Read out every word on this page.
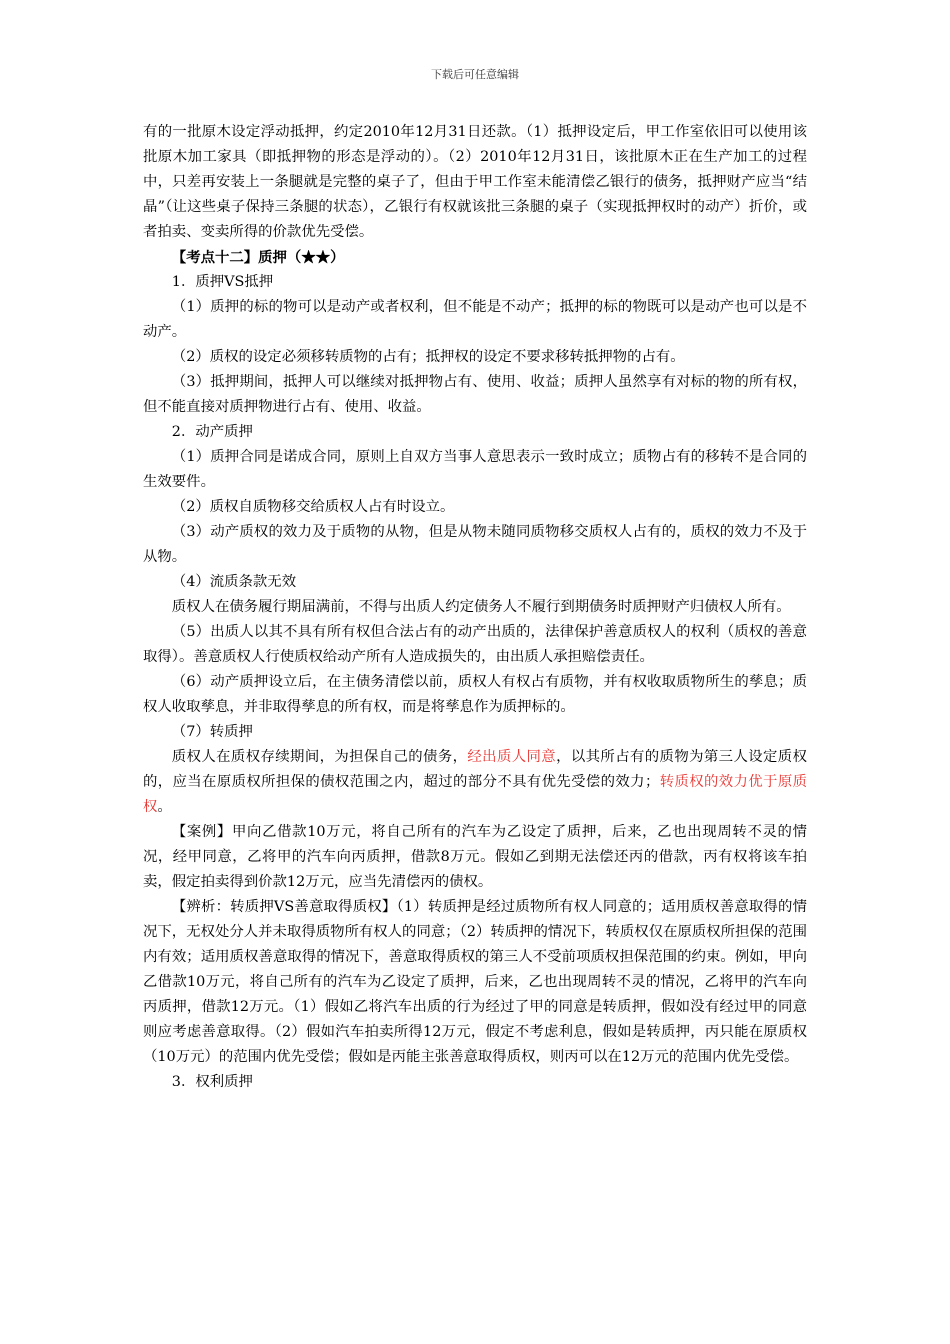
下载后可任意编辑

有的一批原木设定浮动抵押，约定2010年12月31日还款。（1）抵押设定后，甲工作室依旧可以使用该批原木加工家具（即抵押物的形态是浮动的）。（2）2010年12月31日，该批原木正在生产加工的过程中，只差再安装上一条腿就是完整的桌子了，但由于甲工作室未能清偿乙银行的债务，抵押财产应当“结晶”（让这些桌子保持三条腿的状态），乙银行有权就该批三条腿的桌子（实现抵押权时的动产）折价，或者拍卖、变卖所得的价款优先受偿。

【考点十二】质押（★★）

1．质押VS抵押

（1）质押的标的物可以是动产或者权利，但不能是不动产；抵押的标的物既可以是动产也可以是不动产。

（2）质权的设定必须移转质物的占有；抵押权的设定不要求移转抵押物的占有。

（3）抵押期间，抵押人可以继续对抵押物占有、使用、收益；质押人虽然享有对标的物的所有权，但不能直接对质押物进行占有、使用、收益。

2．动产质押

（1）质押合同是诺成合同，原则上自双方当事人意思表示一致时成立；质物占有的移转不是合同的生效要件。

（2）质权自质物移交给质权人占有时设立。

（3）动产质权的效力及于质物的从物，但是从物未随同质物移交质权人占有的，质权的效力不及于从物。

（4）流质条款无效

质权人在债务履行期届满前，不得与出质人约定债务人不履行到期债务时质押财产归债权人所有。

（5）出质人以其不具有所有权但合法占有的动产出质的，法律保护善意质权人的权利（质权的善意取得）。善意质权人行使质权给动产所有人造成损失的，由出质人承担赔偿责任。

（6）动产质押设立后，在主债务清偿以前，质权人有权占有质物，并有权收取质物所生的孳息；质权人收取孳息，并非取得孳息的所有权，而是将孳息作为质押标的。

（7）转质押

质权人在质权存续期间，为担保自己的债务，经出质人同意，以其所占有的质物为第三人设定质权的，应当在原质权所担保的债权范围之内，超过的部分不具有优先受偿的效力；转质权的效力优于原质权。

【案例】甲向乙借款10万元，将自己所有的汽车为乙设定了质押，后来，乙也出现周转不灵的情况，经甲同意，乙将甲的汽车向丙质押，借款8万元。假如乙到期无法偿还丙的借款，丙有权将该车拍卖，假定拍卖得到价款12万元，应当先清偿丙的债权。

【辨析：转质押VS善意取得质权】（1）转质押是经过质物所有权人同意的；适用质权善意取得的情况下，无权处分人并未取得质物所有权人的同意；（2）转质押的情况下，转质权仅在原质权所担保的范围内有效；适用质权善意取得的情况下，善意取得质权的第三人不受前项质权担保范围的约束。例如，甲向乙借款10万元，将自己所有的汽车为乙设定了质押，后来，乙也出现周转不灵的情况，乙将甲的汽车向丙质押，借款12万元。（1）假如乙将汽车出质的行为经过了甲的同意是转质押，假如没有经过甲的同意则应考虑善意取得。（2）假如汽车拍卖所得12万元，假定不考虑利息，假如是转质押，丙只能在原质权（10万元）的范围内优先受偿；假如是丙能主张善意取得质权，则丙可以在12万元的范围内优先受偿。

3．权利质押
